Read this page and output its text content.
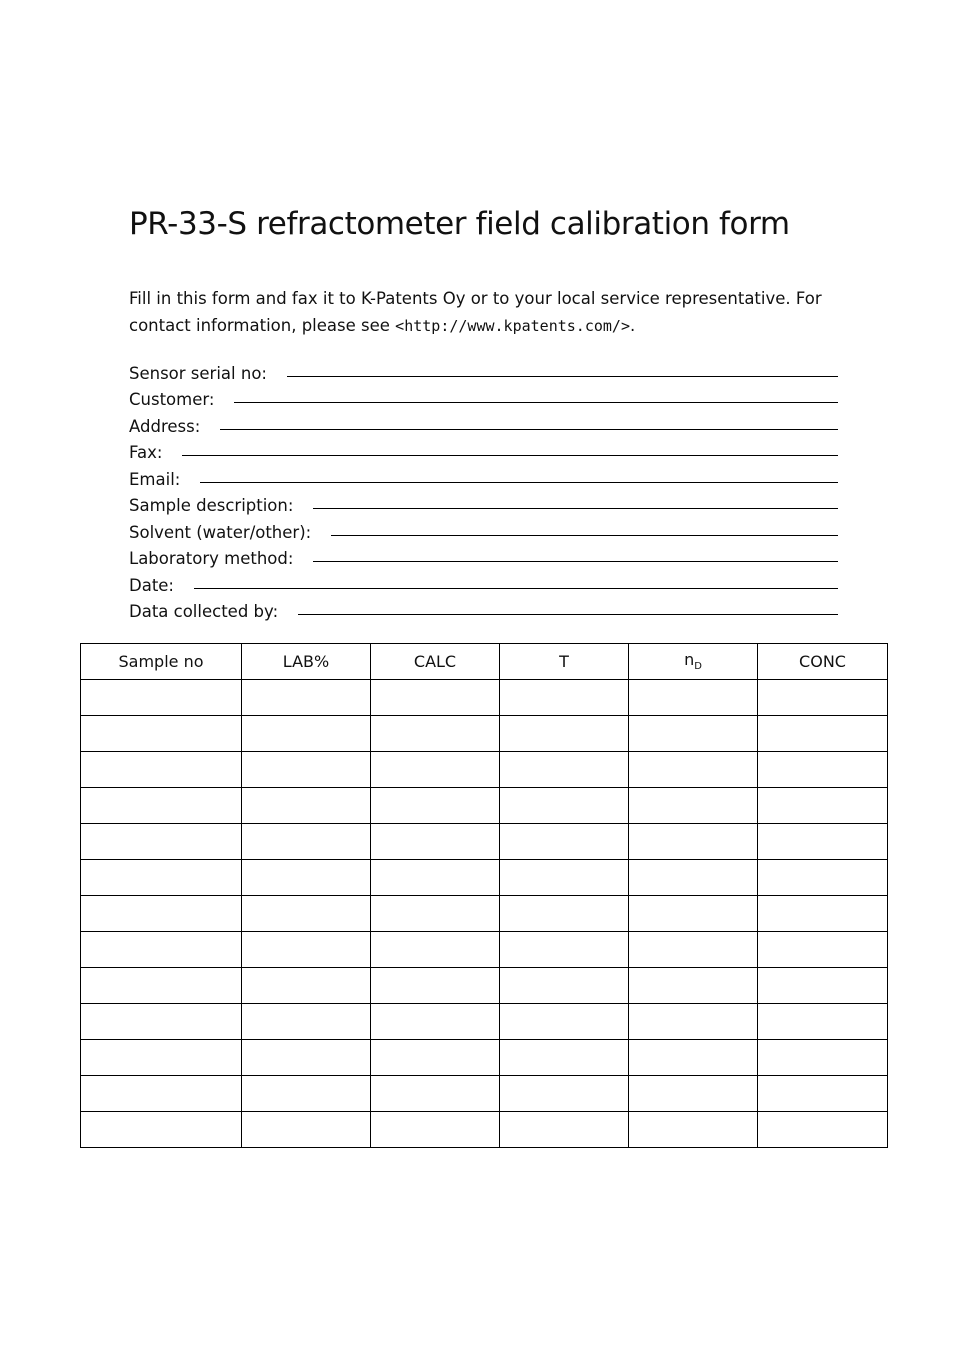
PR-33-S refractometer field calibration form

Fill in this form and fax it to K-Patents Oy or to your local service representative. For contact information, please see <http://www.kpatents.com/>.

Sensor serial no:
Customer:
Address:
Fax:
Email:
Sample description:
Solvent (water/other):
Laboratory method:
Date:
Data collected by:
Sample no	LAB%	CALC	T	$n_D$	CONC
